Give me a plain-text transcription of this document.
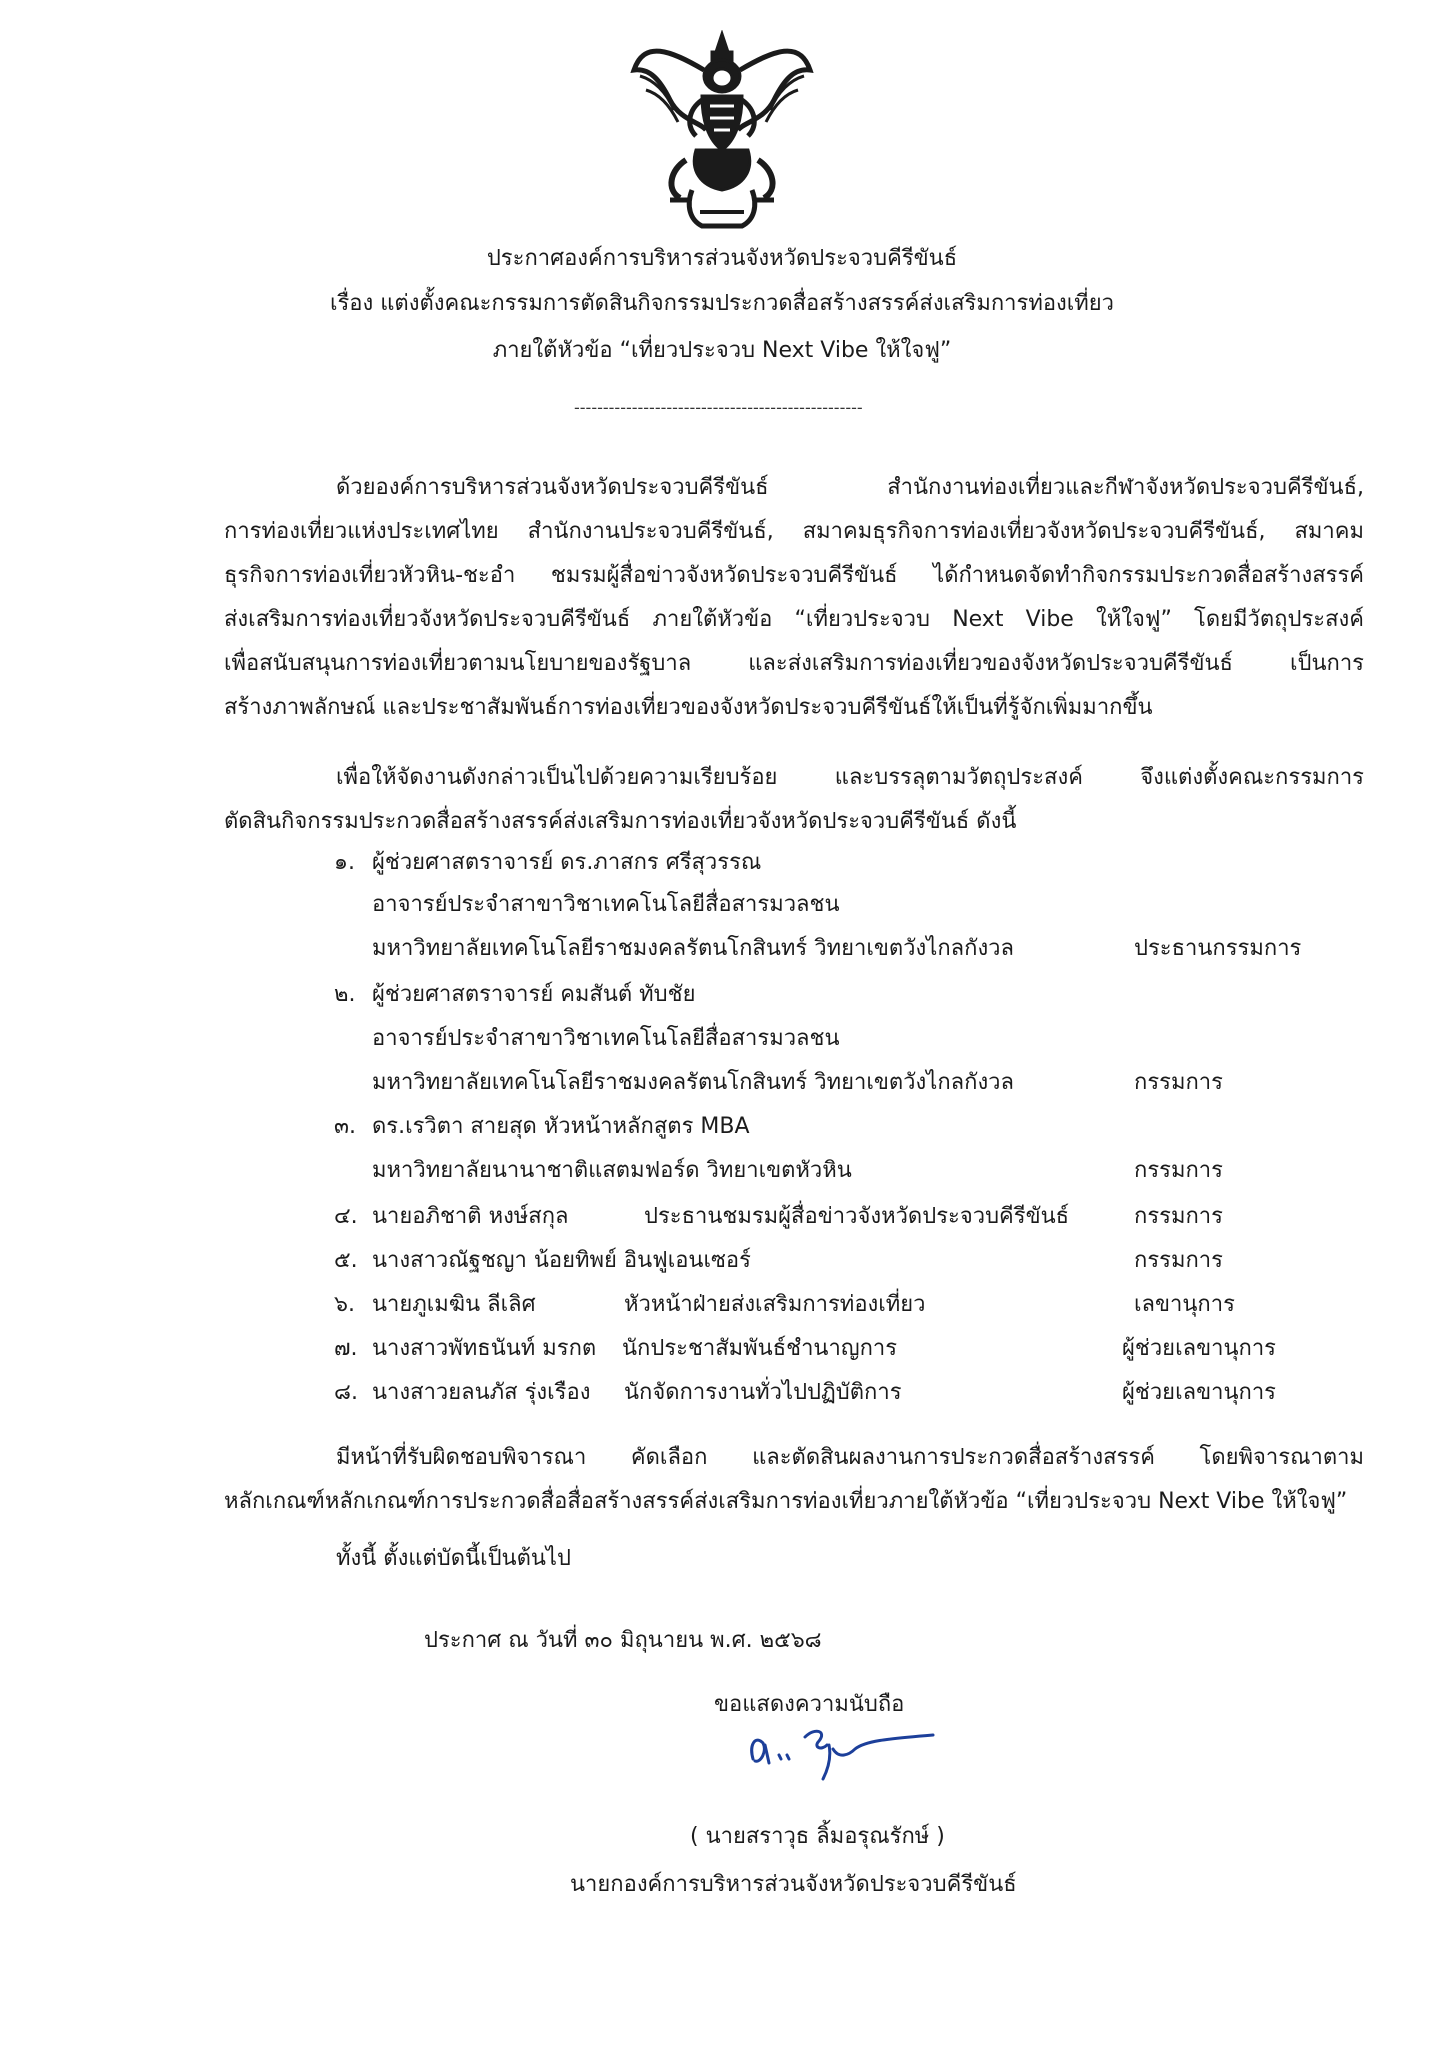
ประกาศองค์การบริหารส่วนจังหวัดประจวบคีรีขันธ์
เรื่อง แต่งตั้งคณะกรรมการตัดสินกิจกรรมประกวดสื่อสร้างสรรค์ส่งเสริมการท่องเที่ยว
ภายใต้หัวข้อ “เที่ยวประจวบ Next Vibe ให้ใจฟู”
--------------------------------------------------
ด้วยองค์การบริหารส่วนจังหวัดประจวบคีรีขันธ์ สำนักงานท่องเที่ยวและกีฬาจังหวัดประจวบคีรีขันธ์,
การท่องเที่ยวแห่งประเทศไทย สำนักงานประจวบคีรีขันธ์, สมาคมธุรกิจการท่องเที่ยวจังหวัดประจวบคีรีขันธ์, สมาคม
ธุรกิจการท่องเที่ยวหัวหิน-ชะอำ ชมรมผู้สื่อข่าวจังหวัดประจวบคีรีขันธ์ ได้กำหนดจัดทำกิจกรรมประกวดสื่อสร้างสรรค์
ส่งเสริมการท่องเที่ยวจังหวัดประจวบคีรีขันธ์ ภายใต้หัวข้อ “เที่ยวประจวบ Next Vibe ให้ใจฟู” โดยมีวัตถุประสงค์
เพื่อสนับสนุนการท่องเที่ยวตามนโยบายของรัฐบาล และส่งเสริมการท่องเที่ยวของจังหวัดประจวบคีรีขันธ์ เป็นการ
สร้างภาพลักษณ์ และประชาสัมพันธ์การท่องเที่ยวของจังหวัดประจวบคีรีขันธ์ให้เป็นที่รู้จักเพิ่มมากขึ้น
เพื่อให้จัดงานดังกล่าวเป็นไปด้วยความเรียบร้อย และบรรลุตามวัตถุประสงค์ จึงแต่งตั้งคณะกรรมการ
ตัดสินกิจกรรมประกวดสื่อสร้างสรรค์ส่งเสริมการท่องเที่ยวจังหวัดประจวบคีรีขันธ์ ดังนี้
๑. ผู้ช่วยศาสตราจารย์ ดร.ภาสกร ศรีสุวรรณ
อาจารย์ประจำสาขาวิชาเทคโนโลยีสื่อสารมวลชน
มหาวิทยาลัยเทคโนโลยีราชมงคลรัตนโกสินทร์ วิทยาเขตวังไกลกังวล	ประธานกรรมการ
๒. ผู้ช่วยศาสตราจารย์ คมสันต์ ทับชัย
อาจารย์ประจำสาขาวิชาเทคโนโลยีสื่อสารมวลชน
มหาวิทยาลัยเทคโนโลยีราชมงคลรัตนโกสินทร์ วิทยาเขตวังไกลกังวล	กรรมการ
๓. ดร.เรวิตา สายสุด หัวหน้าหลักสูตร MBA
มหาวิทยาลัยนานาชาติแสตมฟอร์ด วิทยาเขตหัวหิน	กรรมการ
๔. นายอภิชาติ หงษ์สกุล	ประธานชมรมผู้สื่อข่าวจังหวัดประจวบคีรีขันธ์	กรรมการ
๕. นางสาวณัฐชญา น้อยทิพย์ อินฟูเอนเซอร์	กรรมการ
๖. นายภูเมฆิน ลีเลิศ	หัวหน้าฝ่ายส่งเสริมการท่องเที่ยว	เลขานุการ
๗. นางสาวพัทธนันท์ มรกต นักประชาสัมพันธ์ชำนาญการ	ผู้ช่วยเลขานุการ
๘. นางสาวยลนภัส รุ่งเรือง นักจัดการงานทั่วไปปฏิบัติการ	ผู้ช่วยเลขานุการ
มีหน้าที่รับผิดชอบพิจารณา คัดเลือก และตัดสินผลงานการประกวดสื่อสร้างสรรค์ โดยพิจารณาตาม
หลักเกณฑ์หลักเกณฑ์การประกวดสื่อสื่อสร้างสรรค์ส่งเสริมการท่องเที่ยวภายใต้หัวข้อ “เที่ยวประจวบ Next Vibe ให้ใจฟู”
ทั้งนี้ ตั้งแต่บัดนี้เป็นต้นไป
ประกาศ ณ วันที่ ๓๐ มิถุนายน พ.ศ. ๒๕๖๘
ขอแสดงความนับถือ
( นายสราวุธ ลิ้มอรุณรักษ์ )
นายกองค์การบริหารส่วนจังหวัดประจวบคีรีขันธ์
